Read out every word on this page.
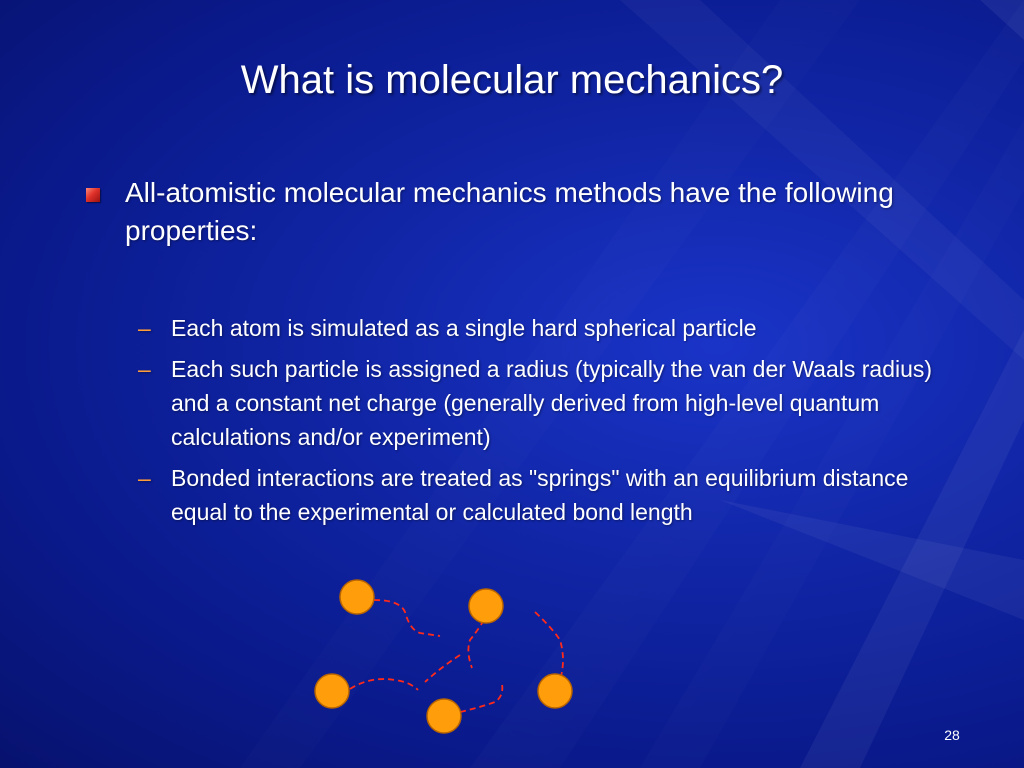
What is molecular mechanics?
All-atomistic molecular mechanics methods have the following properties:
– Each atom is simulated as a single hard spherical particle
– Each such particle is assigned a radius (typically the van der Waals radius) and a constant net charge (generally derived from high-level quantum calculations and/or experiment)
– Bonded interactions are treated as "springs" with an equilibrium distance equal to the experimental or calculated bond length
28
